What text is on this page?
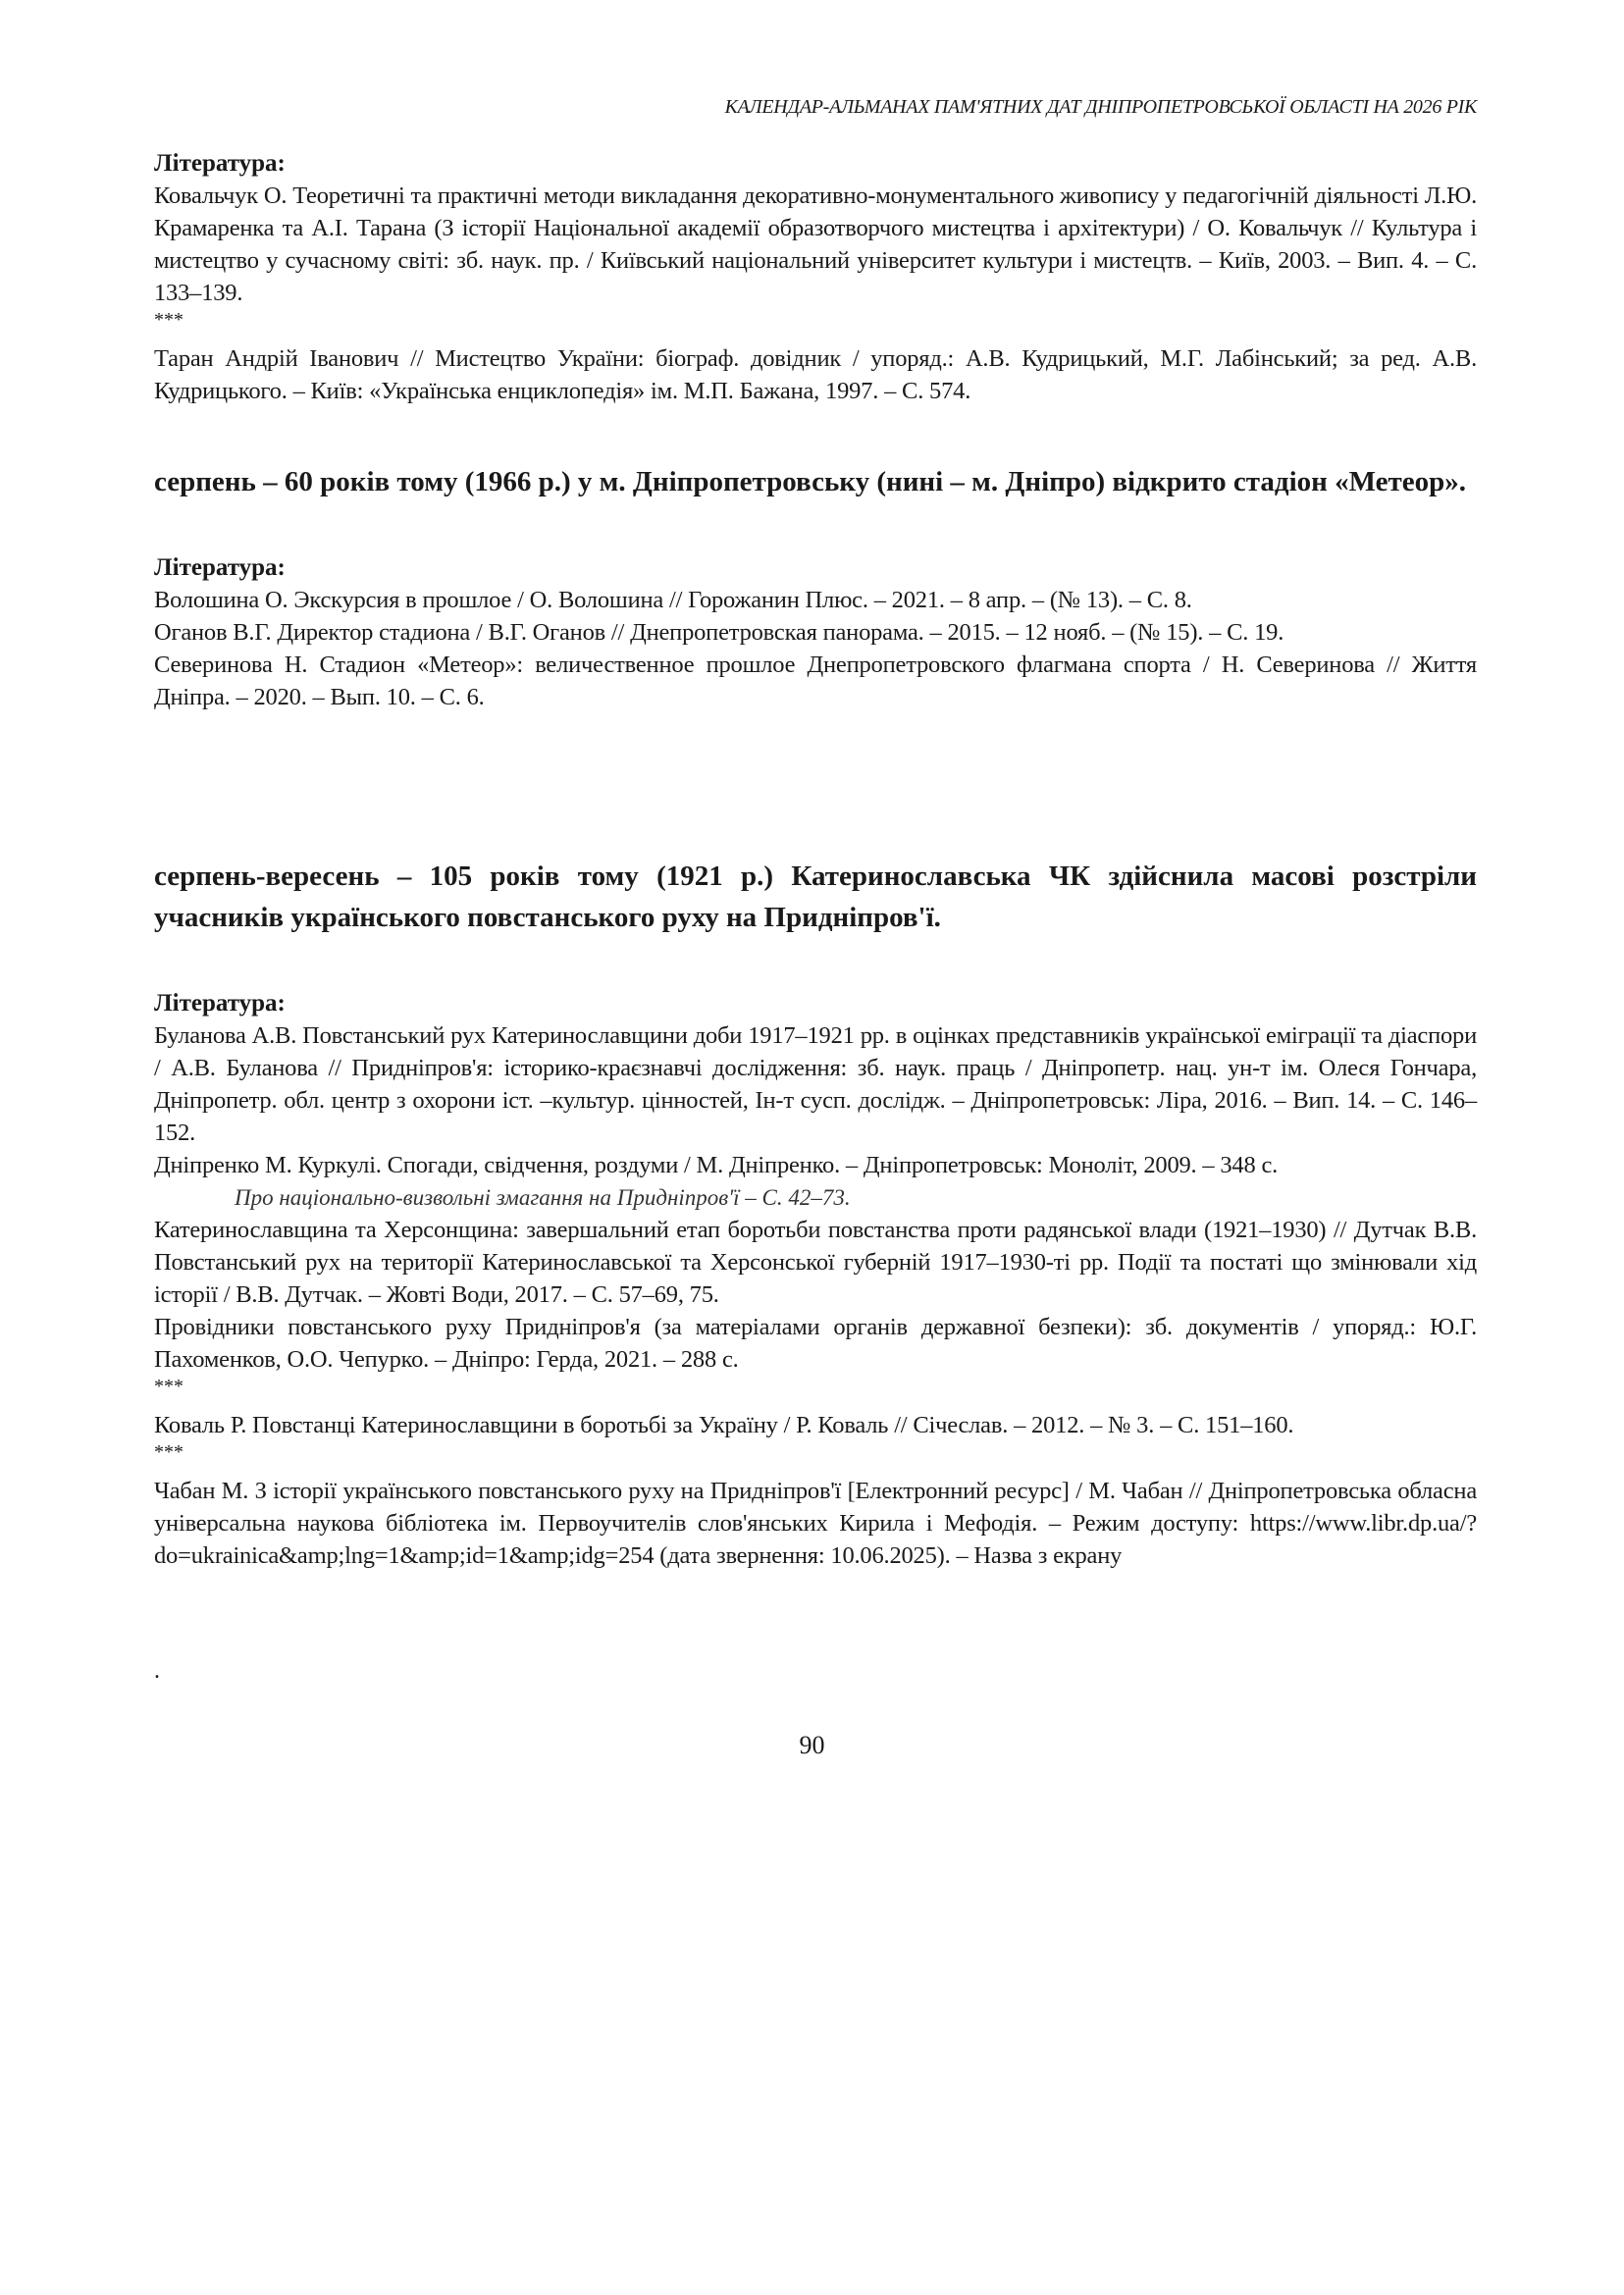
КАЛЕНДАР-АЛЬМАНАХ ПАМ'ЯТНИХ ДАТ ДНІПРОПЕТРОВСЬКОЇ ОБЛАСТІ НА 2026 РІК

Література:

Ковальчук О. Теоретичні та практичні методи викладання декоративно-монументального живопису у педагогічній діяльності Л.Ю. Крамаренка та А.І. Тарана (З історії Національної академії образотворчого мистецтва і архітектури) / О. Ковальчук // Культура і мистецтво у сучасному світі: зб. наук. пр. / Київський національний університет культури і мистецтв. – Київ, 2003. – Вип. 4. – С. 133–139.

***

Таран Андрій Іванович // Мистецтво України: біограф. довідник / упоряд.: А.В. Кудрицький, М.Г. Лабінський; за ред. А.В. Кудрицького. – Київ: «Українська енциклопедія» ім. М.П. Бажана, 1997. – С. 574.

серпень – 60 років тому (1966 р.) у м. Дніпропетровську (нині – м. Дніпро) відкрито стадіон «Метеор».

Література:

Волошина О. Экскурсия в прошлое / О. Волошина // Горожанин Плюс. – 2021. – 8 апр. – (№ 13). – С. 8.

Оганов В.Г. Директор стадиона / В.Г. Оганов // Днепропетровская панорама. – 2015. – 12 нояб. – (№ 15). – С. 19.

Северинова Н. Стадион «Метеор»: величественное прошлое Днепропетровского флагмана спорта / Н. Северинова // Життя Дніпра. – 2020. – Вып. 10. – С. 6.

серпень-вересень – 105 років тому (1921 р.) Катеринославська ЧК здійснила масові розстріли учасників українського повстанського руху на Придніпров'ї.

Література:

Буланова А.В. Повстанський рух Катеринославщини доби 1917–1921 рр. в оцінках представників української еміграції та діаспори / А.В. Буланова // Придніпров'я: історико-краєзнавчі дослідження: зб. наук. праць / Дніпропетр. нац. ун-т ім. Олеся Гончара, Дніпропетр. обл. центр з охорони іст. –культур. цінностей, Ін-т сусп. дослідж. – Дніпропетровськ: Ліра, 2016. – Вип. 14. – С. 146–152.

Дніпренко М. Куркулі. Спогади, свідчення, роздуми / М. Дніпренко. – Дніпропетровськ: Моноліт, 2009. – 348 с.

Про національно-визвольні змагання на Придніпров'ї – С. 42–73.

Катеринославщина та Херсонщина: завершальний етап боротьби повстанства проти радянської влади (1921–1930) // Дутчак В.В. Повстанський рух на території Катеринославської та Херсонської губерній 1917–1930-ті рр. Події та постаті що змінювали хід історії / В.В. Дутчак. – Жовті Води, 2017. – С. 57–69, 75.

Провідники повстанського руху Придніпров'я (за матеріалами органів державної безпеки): зб. документів / упоряд.: Ю.Г. Пахоменков, О.О. Чепурко. – Дніпро: Герда, 2021. – 288 с.

***

Коваль Р. Повстанці Катеринославщини в боротьбі за Україну / Р. Коваль // Січеслав. – 2012. – № 3. – С. 151–160.

***

Чабан М. З історії українського повстанського руху на Придніпров'ї [Електронний ресурс] / М. Чабан // Дніпропетровська обласна універсальна наукова бібліотека ім. Первоучителів слов'янських Кирила і Мефодія. – Режим доступу: https://www.libr.dp.ua/?do=ukrainica&amp;lng=1&amp;id=1&amp;idg=254 (дата звернення: 10.06.2025). – Назва з екрану

.
90
